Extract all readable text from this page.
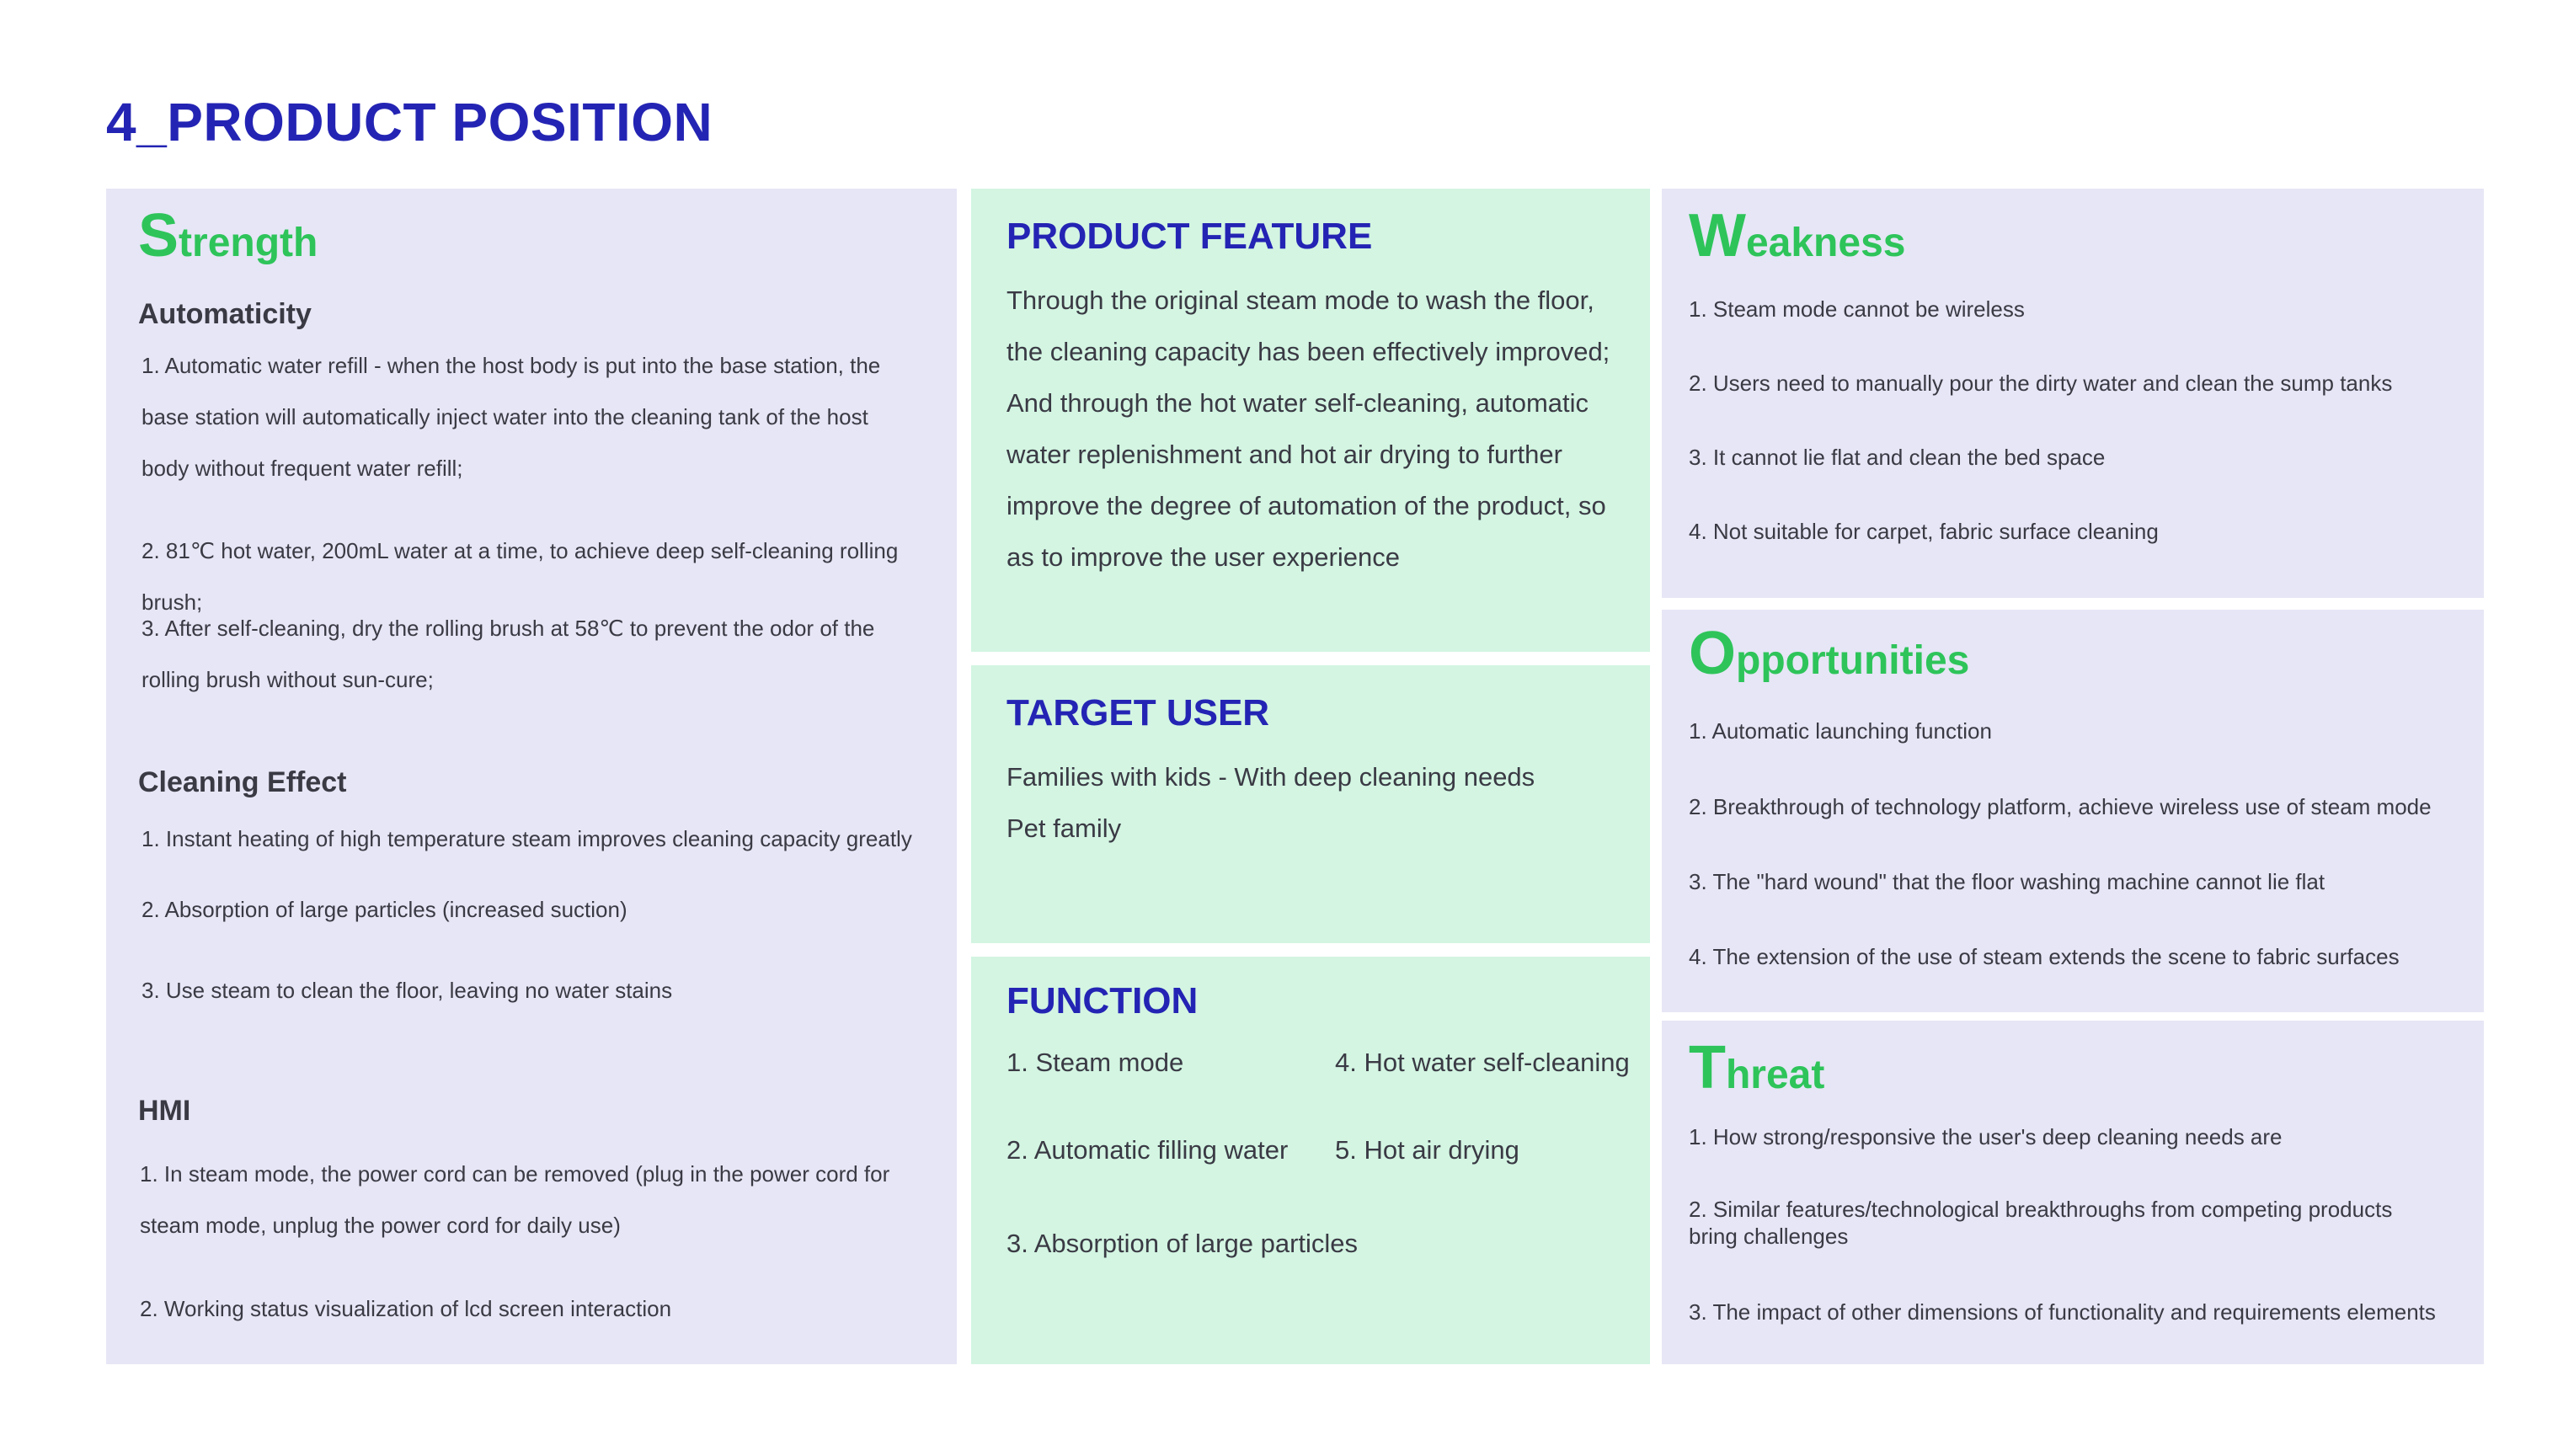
4_PRODUCT POSITION
Strength
Automaticity
1. Automatic water refill - when the host body is put into the base station, the base station will automatically inject water into the cleaning tank of the host body without frequent water refill;
2. 81℃ hot water, 200mL water at a time, to achieve deep self-cleaning rolling brush;
3. After self-cleaning, dry the rolling brush at 58℃ to prevent the odor of the rolling brush without sun-cure;
Cleaning Effect
1. Instant heating of high temperature steam improves cleaning capacity greatly
2. Absorption of large particles (increased suction)
3. Use steam to clean the floor, leaving no water stains
HMI
1. In steam mode, the power cord can be removed (plug in the power cord for steam mode, unplug the power cord for daily use)
2. Working status visualization of lcd screen interaction
PRODUCT FEATURE
Through the original steam mode to wash the floor, the cleaning capacity has been effectively improved; And through the hot water self-cleaning, automatic water replenishment and hot air drying to further improve the degree of automation of the product, so as to improve the user experience
TARGET USER
Families with kids - With deep cleaning needs
Pet family
FUNCTION
1. Steam mode
2. Automatic filling water
3. Absorption of large particles
4. Hot water self-cleaning
5. Hot air drying
Weakness
1. Steam mode cannot be wireless
2. Users need to manually pour the dirty water and clean the sump tanks
3. It cannot lie flat and clean the bed space
4. Not suitable for carpet, fabric surface cleaning
Opportunities
1. Automatic launching function
2. Breakthrough of technology platform, achieve wireless use of steam mode
3. The "hard wound" that the floor washing machine cannot lie flat
4. The extension of the use of steam extends the scene to fabric surfaces
Threat
1. How strong/responsive the user's deep cleaning needs are
2. Similar features/technological breakthroughs from competing products bring challenges
3. The impact of other dimensions of functionality and requirements elements
